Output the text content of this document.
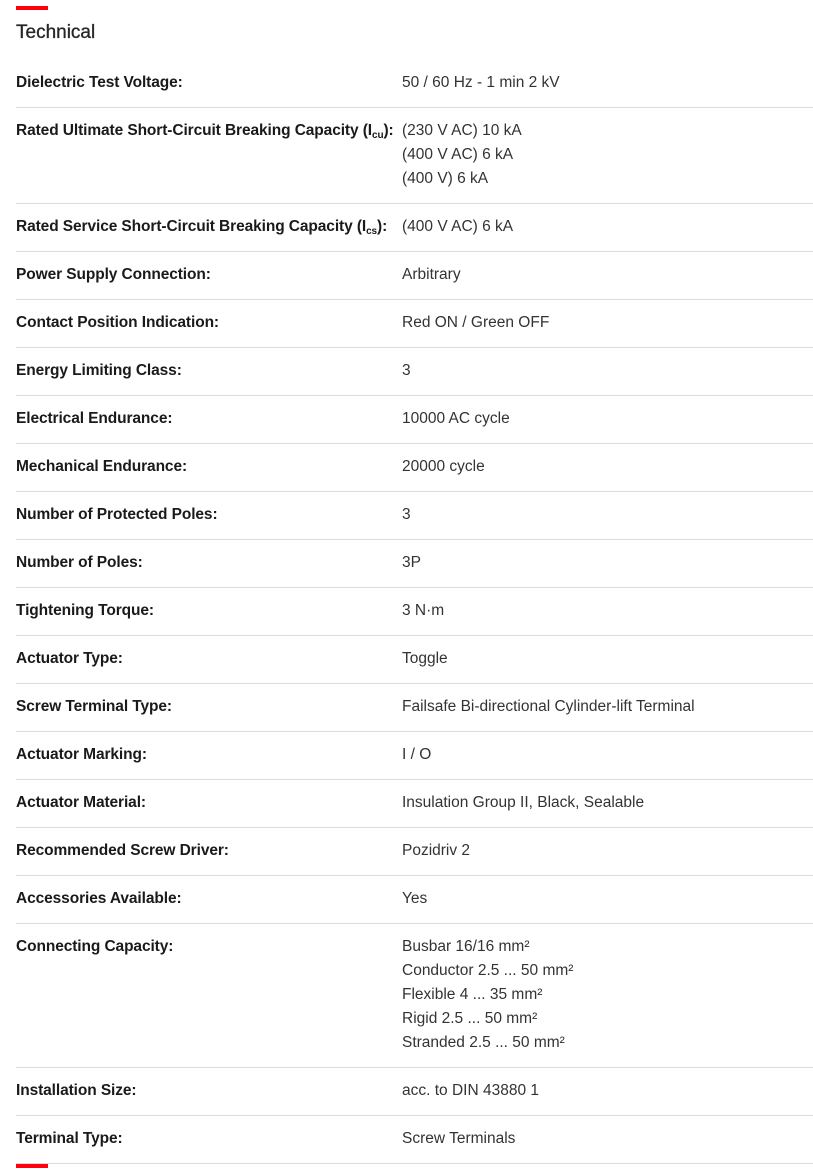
Technical
Dielectric Test Voltage:	50 / 60 Hz - 1 min 2 kV
Rated Ultimate Short-Circuit Breaking Capacity $(I_{cu})$: (230 V AC) 10 kA
(400 V AC) 6 kA
(400 V) 6 kA
Rated Service Short-Circuit Breaking Capacity $(I_{cs})$: (400 V AC) 6 kA
Power Supply Connection:	Arbitrary
Contact Position Indication:	Red ON / Green OFF
Energy Limiting Class:	3
Electrical Endurance:	10000 AC cycle
Mechanical Endurance:	20000 cycle
Number of Protected Poles:	3
Number of Poles:	3P
Tightening Torque:	3 N·m
Actuator Type:	Toggle
Screw Terminal Type:	Failsafe Bi-directional Cylinder-lift Terminal
Actuator Marking:	I / O
Actuator Material:	Insulation Group II, Black, Sealable
Recommended Screw Driver:	Pozidriv 2
Accessories Available:	Yes
Connecting Capacity:	Busbar 16/16 mm²
Conductor 2.5 ... 50 mm²
Flexible 4 ... 35 mm²
Rigid 2.5 ... 50 mm²
Stranded 2.5 ... 50 mm²
Installation Size:	acc. to DIN 43880 1
Terminal Type:	Screw Terminals
